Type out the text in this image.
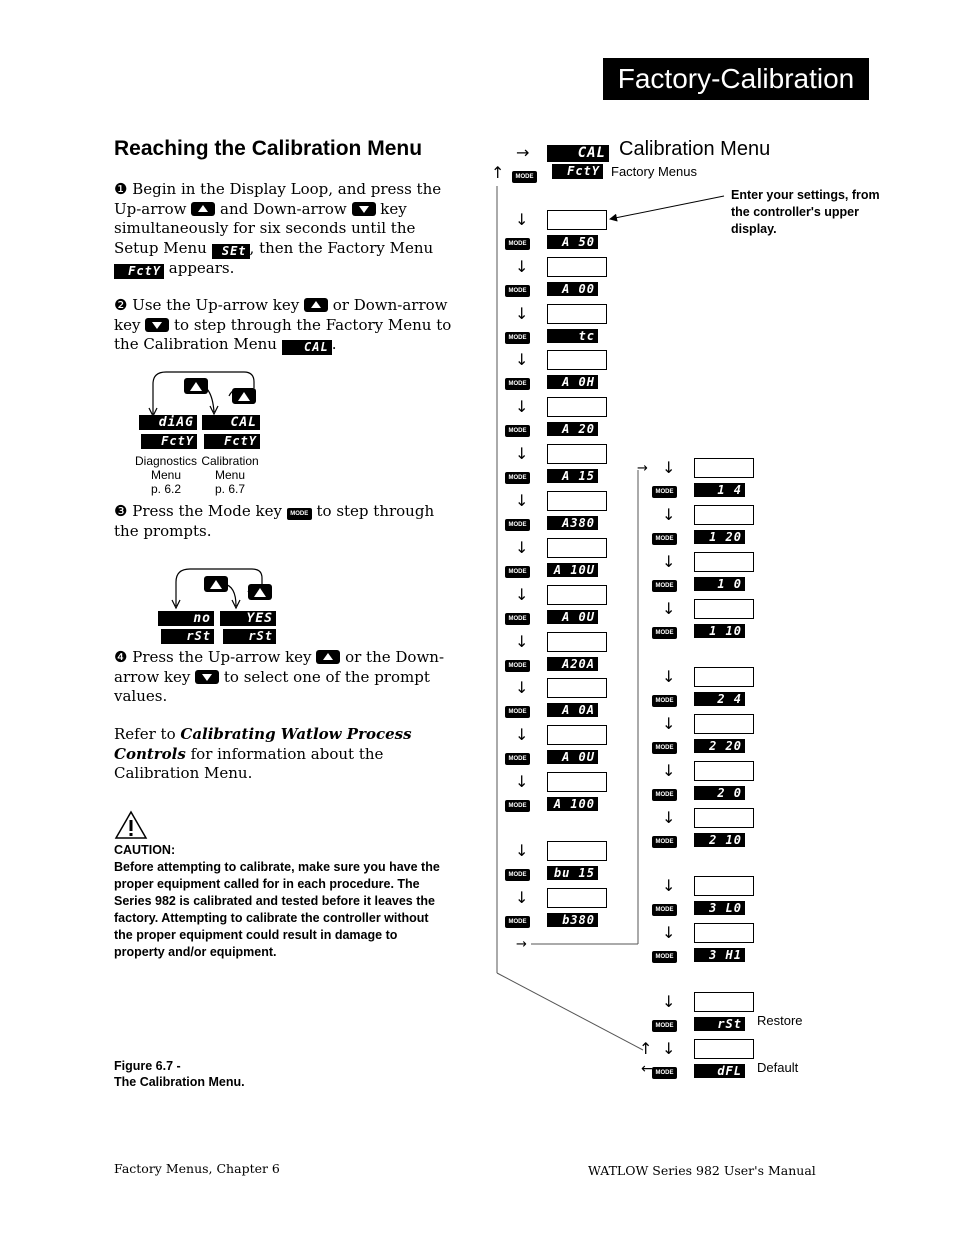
Factory-Calibration
Reaching the Calibration Menu
❶ Begin in the Display Loop, and press the Up-arrow
and Down-arrow
key simultaneously for six seconds until the Setup Menu SEt , then the Factory Menu FctY appears.
❷ Use the Up-arrow key
or Down-arrow key
to step through the Factory Menu to the Calibration Menu CAL .
diAG
FctY
CAL
FctY
Diagnostics
Menu
p. 6.2
Calibration
Menu
p. 6.7
❸ Press the Mode key MODE to step through the prompts.
no
rSt
YES
rSt
❹ Press the Up-arrow key
or the Down-arrow key
to select one of the prompt values.
Refer to Calibrating Watlow Process Controls for information about the Calibration Menu.
CAUTION:
Before attempting to calibrate, make sure you have the proper equipment called for in each procedure. The Series 982 is calibrated and tested before it leaves the factory. Attempting to calibrate the controller without the proper equipment could result in damage to property and/or equipment.
Figure 6.7 -
The Calibration Menu.
Factory Menus, Chapter 6	WATLOW Series 982 User's Manual
→	CAL Calibration Menu
↑	MODE	FctY Factory Menus
Enter your settings, from the controller's upper display.
↓
MODE	A 50
↓
MODE	A 00
↓
MODE	tc
↓
MODE	A 0H
↓
MODE	A 20
↓
MODE	A 15
↓
MODE	A380
↓
MODE	A 10U
↓
MODE	A 0U
↓
MODE	A20A
↓
MODE	A 0A
↓
MODE	A 0U
↓
MODE	A 100
↓
MODE	bu 15
↓
MODE	b380
↓
MODE	1 4
↓
MODE	1 20
↓
MODE	1 0
↓
MODE	1 10
↓
MODE	2 4
↓
MODE	2 20
↓
MODE	2 0
↓
MODE	2 10
↓
MODE	3 L0
↓
MODE	3 H1
↓
MODE	rSt
↓
MODE	dFL
→
→
↑
←
Restore
Default
